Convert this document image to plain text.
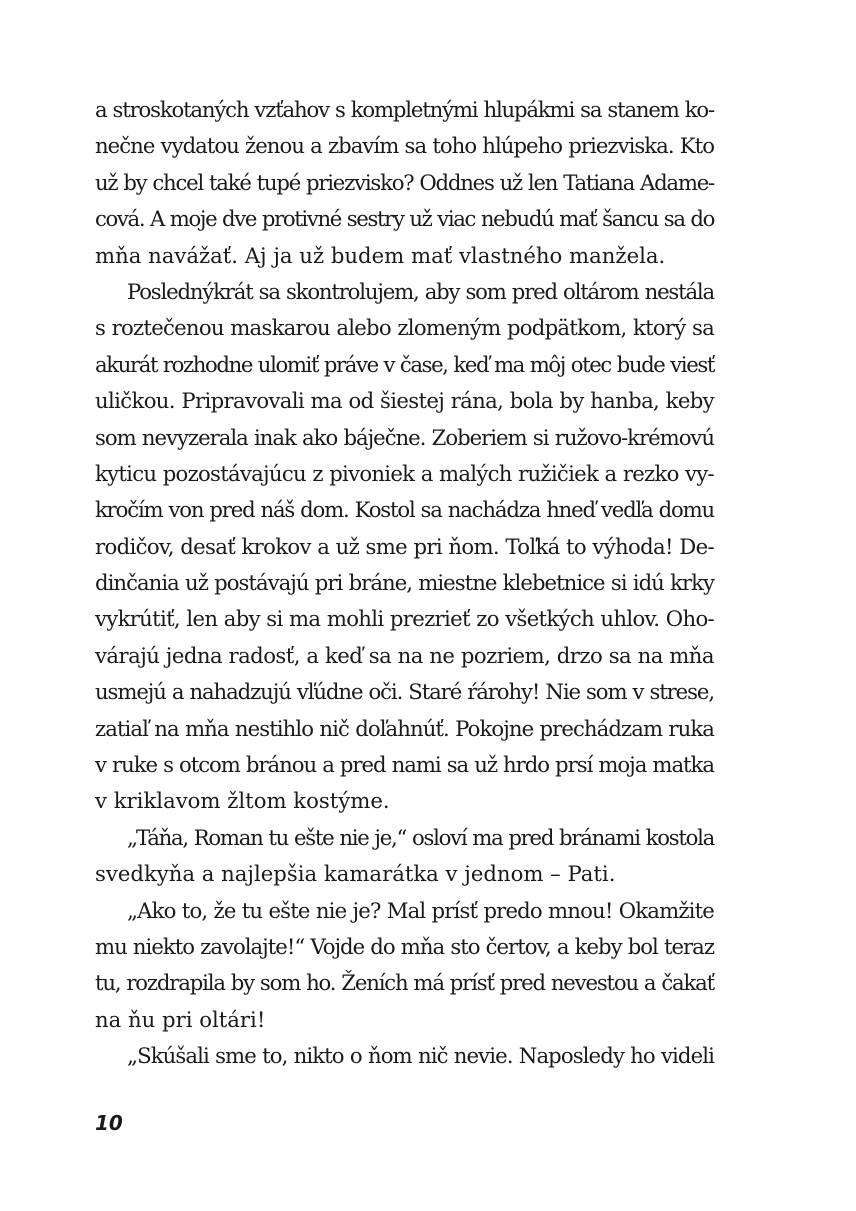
a stroskotaných vzťahov s kompletnými hlupákmi sa stanem ko-
nečne vydatou ženou a zbavím sa toho hlúpeho priezviska. Kto
už by chcel také tupé priezvisko? Oddnes už len Tatiana Adame-
cová. A moje dve protivné sestry už viac nebudú mať šancu sa do
mňa navážať. Aj ja už budem mať vlastného manžela.
Poslednýkrát sa skontrolujem, aby som pred oltárom nestála
s roztečenou maskarou alebo zlomeným podpätkom, ktorý sa
akurát rozhodne ulomiť práve v čase, keď ma môj otec bude viesť
uličkou. Pripravovali ma od šiestej rána, bola by hanba, keby
som nevyzerala inak ako báječne. Zoberiem si ružovo-krémovú
kyticu pozostávajúcu z pivoniek a malých ružičiek a rezko vy-
kročím von pred náš dom. Kostol sa nachádza hneď vedľa domu
rodičov, desať krokov a už sme pri ňom. Toľká to výhoda! De-
dinčania už postávajú pri bráne, miestne klebetnice si idú krky
vykrútiť, len aby si ma mohli prezrieť zo všetkých uhlov. Oho-
várajú jedna radosť, a keď sa na ne pozriem, drzo sa na mňa
usmejú a nahadzujú vľúdne oči. Staré ŕárohy! Nie som v strese,
zatiaľ na mňa nestihlo nič doľahnúť. Pokojne prechádzam ruka
v ruke s otcom bránou a pred nami sa už hrdo prsí moja matka
v kriklavom žltom kostýme.
„Táňa, Roman tu ešte nie je,“ osloví ma pred bránami kostola
svedkyňa a najlepšia kamarátka v jednom – Pati.
„Ako to, že tu ešte nie je? Mal prísť predo mnou! Okamžite
mu niekto zavolajte!“ Vojde do mňa sto čertov, a keby bol teraz
tu, rozdrapila by som ho. Ženích má prísť pred nevestou a čakať
na ňu pri oltári!
„Skúšali sme to, nikto o ňom nič nevie. Naposledy ho videli
10
